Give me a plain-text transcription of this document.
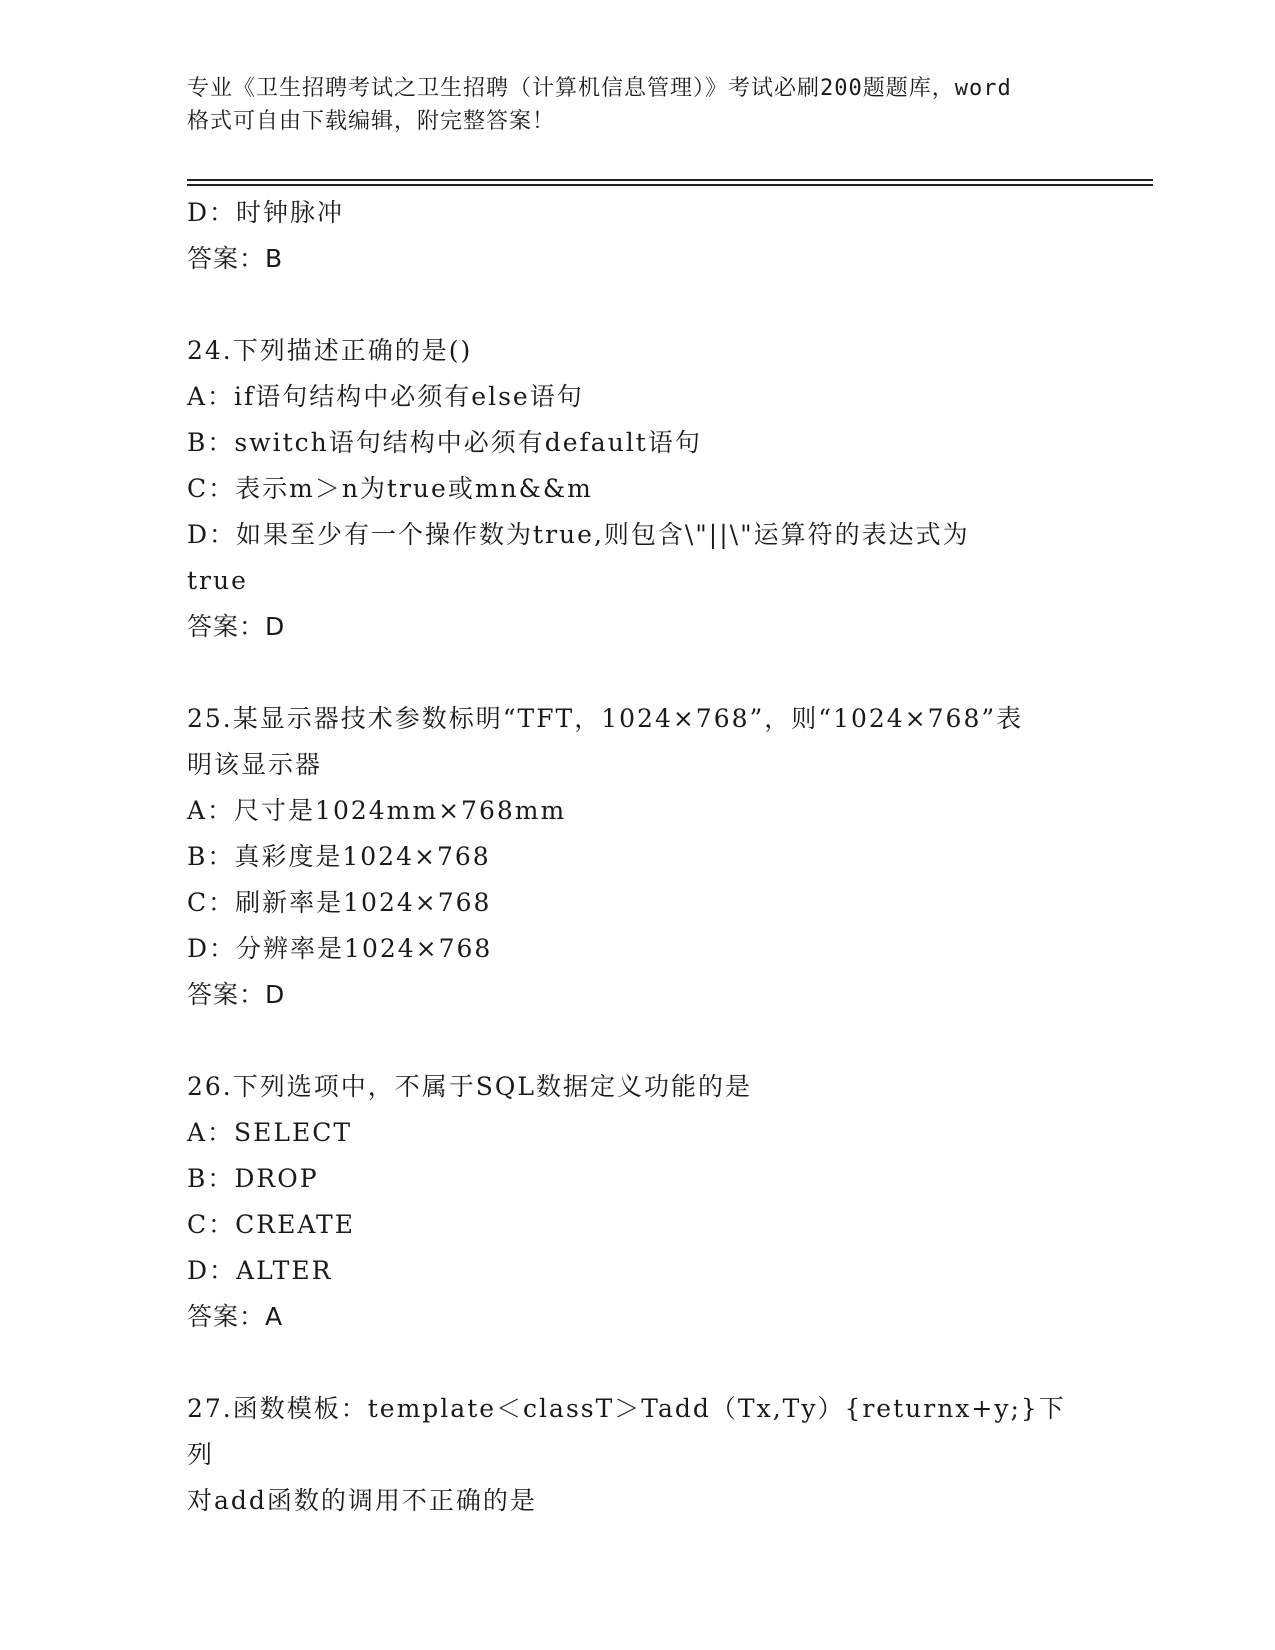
专业《卫生招聘考试之卫生招聘（计算机信息管理）》考试必刷200题题库，word
格式可自由下载编辑，附完整答案！
D：时钟脉冲
答案：B
24.下列描述正确的是()
A：if语句结构中必须有else语句
B：switch语句结构中必须有default语句
C：表示m＞n为true或mn&&m
D：如果至少有一个操作数为true,则包含\"||\"运算符的表达式为
true
答案：D
25.某显示器技术参数标明“TFT，1024×768”，则“1024×768”表
明该显示器
A：尺寸是1024mm×768mm
B：真彩度是1024×768
C：刷新率是1024×768
D：分辨率是1024×768
答案：D
26.下列选项中，不属于SQL数据定义功能的是
A：SELECT
B：DROP
C：CREATE
D：ALTER
答案：A
27.函数模板：template＜classT＞Tadd（Tx,Ty）{returnx+y;}下列
对add函数的调用不正确的是
